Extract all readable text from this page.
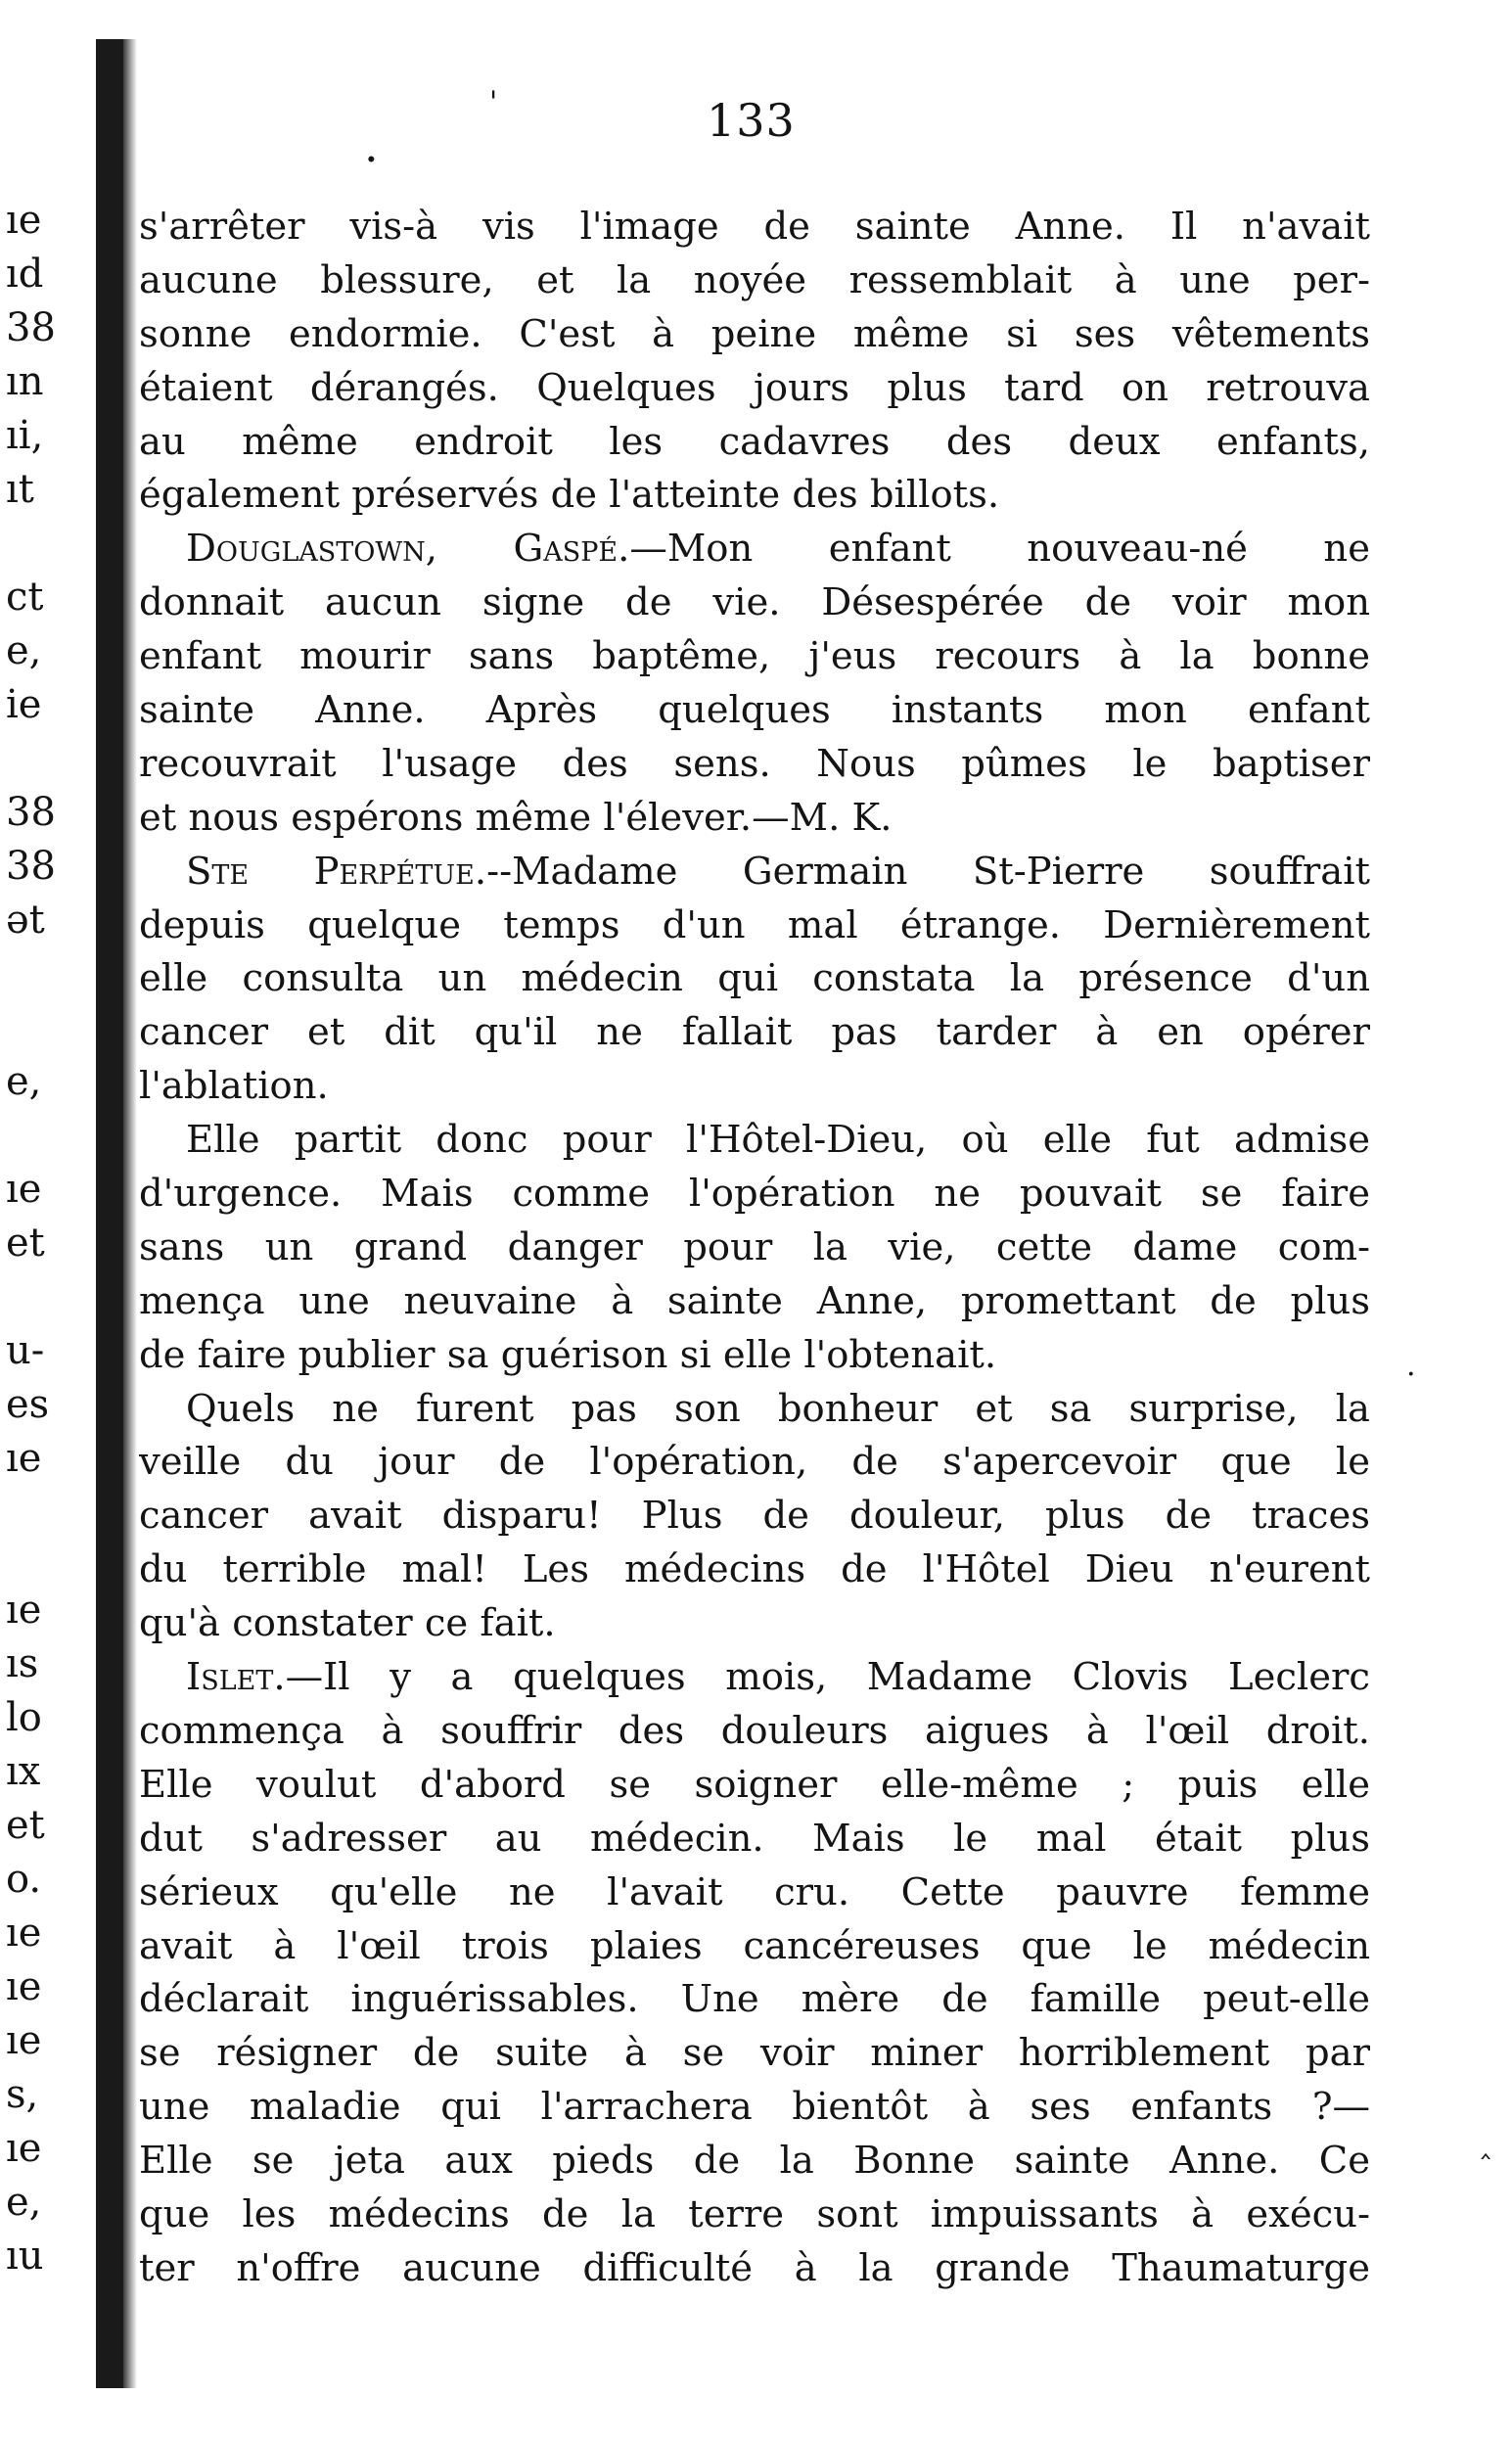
.	133
ıe
ıd
38
ın
ıi,
ıt
ct
e,
ie
38
38
ət
e,
ıe
et
u-
es
ıe
ıe
ıs
lo
ıx
et
o.
ıe
ıe
ıe
s,
ıe
e,
ıu
s'arrêter vis-à vis l'image de sainte Anne. Il n'avait
aucune blessure, et la noyée ressemblait à une per-
sonne endormie. C'est à peine même si ses vêtements
étaient dérangés. Quelques jours plus tard on retrouva
au même endroit les cadavres des deux enfants,
également préservés de l'atteinte des billots.
Douglastown, Gaspé.—Mon enfant nouveau-né ne
donnait aucun signe de vie. Désespérée de voir mon
enfant mourir sans baptême, j'eus recours à la bonne
sainte Anne. Après quelques instants mon enfant
recouvrait l'usage des sens. Nous pûmes le baptiser
et nous espérons même l'élever.—M. K.
Ste Perpétue.--Madame Germain St-Pierre souffrait
depuis quelque temps d'un mal étrange. Dernièrement
elle consulta un médecin qui constata la présence d'un
cancer et dit qu'il ne fallait pas tarder à en opérer
l'ablation.
Elle partit donc pour l'Hôtel-Dieu, où elle fut admise
d'urgence. Mais comme l'opération ne pouvait se faire
sans un grand danger pour la vie, cette dame com-
mença une neuvaine à sainte Anne, promettant de plus
de faire publier sa guérison si elle l'obtenait.
Quels ne furent pas son bonheur et sa surprise, la
veille du jour de l'opération, de s'apercevoir que le
cancer avait disparu! Plus de douleur, plus de traces
du terrible mal! Les médecins de l'Hôtel Dieu n'eurent
qu'à constater ce fait.
Islet.—Il y a quelques mois, Madame Clovis Leclerc
commença à souffrir des douleurs aigues à l'œil droit.
Elle voulut d'abord se soigner elle-même ; puis elle
dut s'adresser au médecin. Mais le mal était plus
sérieux qu'elle ne l'avait cru. Cette pauvre femme
avait à l'œil trois plaies cancéreuses que le médecin
déclarait inguérissables. Une mère de famille peut-elle
se résigner de suite à se voir miner horriblement par
une maladie qui l'arrachera bientôt à ses enfants ?—
Elle se jeta aux pieds de la Bonne sainte Anne. Ce
que les médecins de la terre sont impuissants à exécu-
ter n'offre aucune difficulté à la grande Thaumaturge
·
‸
'
